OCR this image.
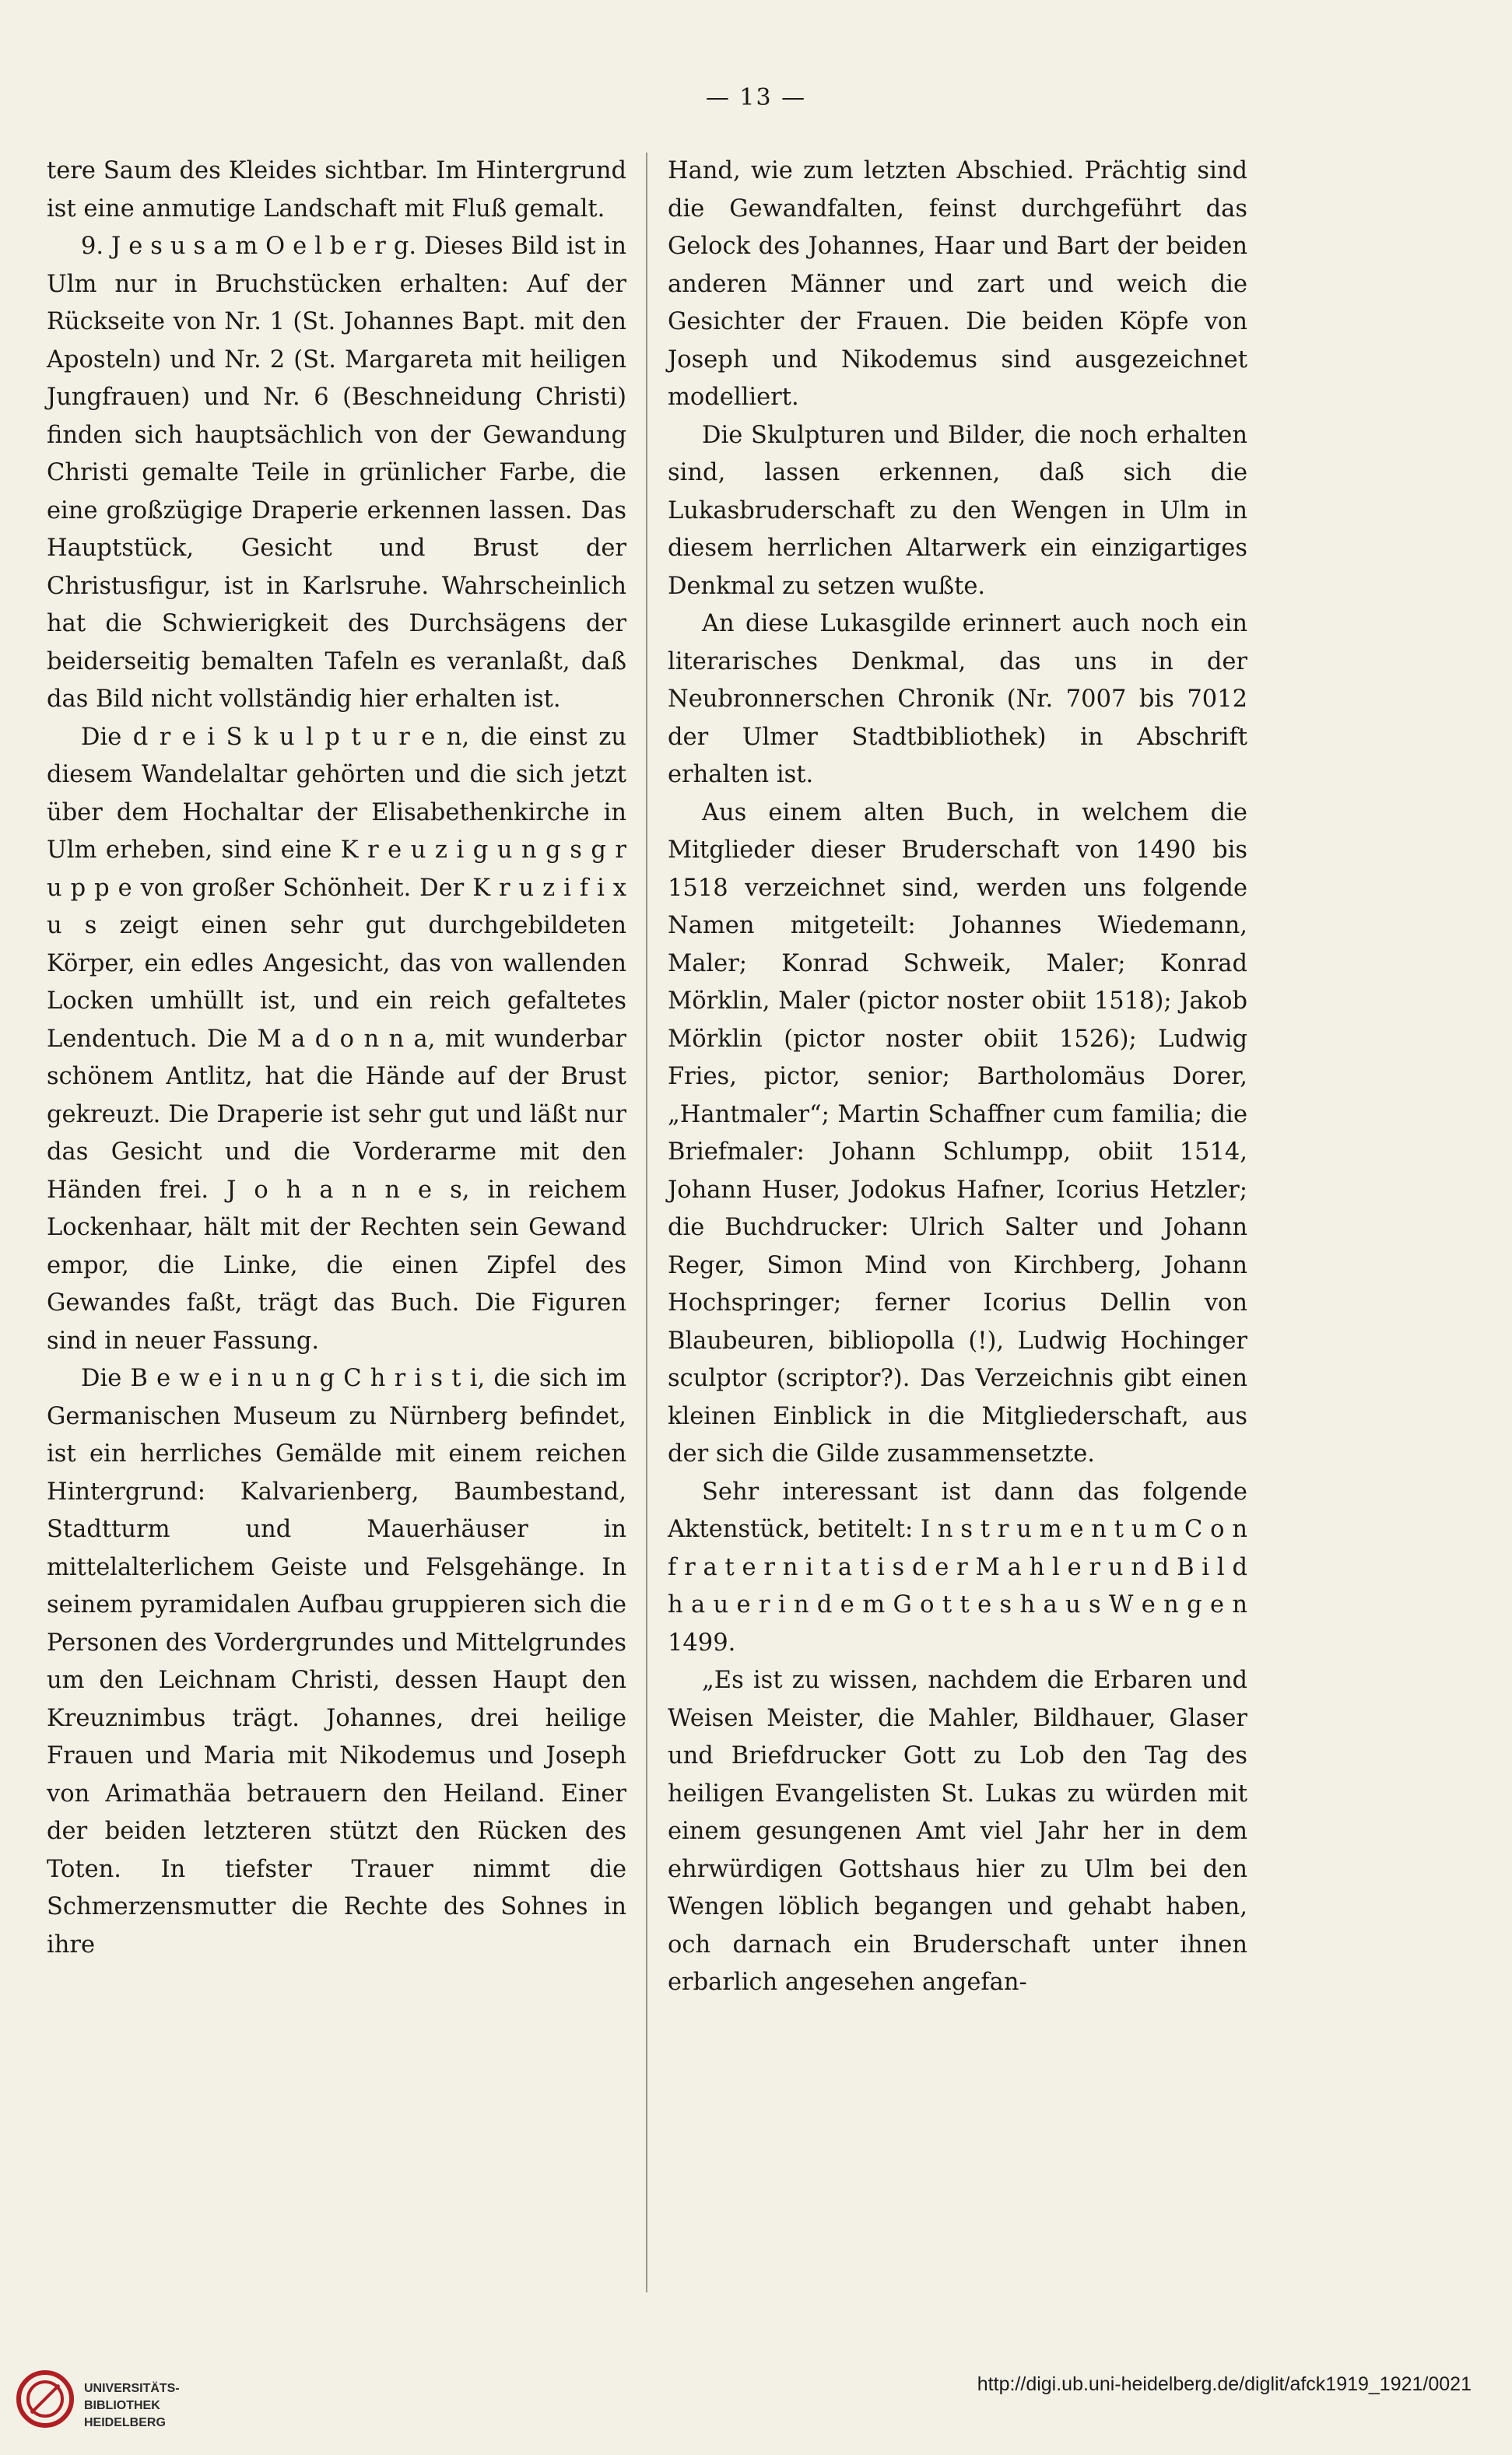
— 13 —

tere Saum des Kleides sichtbar. Im Hintergrund ist eine anmutige Landschaft mit Fluß gemalt.

9. J e s u s a m O e l b e r g. Dieses Bild ist in Ulm nur in Bruchstücken erhalten: Auf der Rückseite von Nr. 1 (St. Johannes Bapt. mit den Aposteln) und Nr. 2 (St. Margareta mit heiligen Jungfrauen) und Nr. 6 (Beschneidung Christi) finden sich hauptsächlich von der Gewandung Christi gemalte Teile in grünlicher Farbe, die eine großzügige Draperie erkennen lassen. Das Hauptstück, Gesicht und Brust der Christusfigur, ist in Karlsruhe. Wahrscheinlich hat die Schwierigkeit des Durchsägens der beiderseitig bemalten Tafeln es veranlaßt, daß das Bild nicht vollständig hier erhalten ist.

Die d r e i S k u l p t u r e n, die einst zu diesem Wandelaltar gehörten und die sich jetzt über dem Hochaltar der Elisabethenkirche in Ulm erheben, sind eine K r e u z i g u n g s g r u p p e von großer Schönheit. Der K r u z i f i x u s zeigt einen sehr gut durchgebildeten Körper, ein edles Angesicht, das von wallenden Locken umhüllt ist, und ein reich gefaltetes Lendentuch. Die M a d o n n a, mit wunderbar schönem Antlitz, hat die Hände auf der Brust gekreuzt. Die Draperie ist sehr gut und läßt nur das Gesicht und die Vorderarme mit den Händen frei. J o h a n n e s, in reichem Lockenhaar, hält mit der Rechten sein Gewand empor, die Linke, die einen Zipfel des Gewandes faßt, trägt das Buch. Die Figuren sind in neuer Fassung.

Die B e w e i n u n g C h r i s t i, die sich im Germanischen Museum zu Nürnberg befindet, ist ein herrliches Gemälde mit einem reichen Hintergrund: Kalvarienberg, Baumbestand, Stadtturm und Mauerhäuser in mittelalterlichem Geiste und Felsgehänge. In seinem pyramidalen Aufbau gruppieren sich die Personen des Vordergrundes und Mittelgrundes um den Leichnam Christi, dessen Haupt den Kreuznimbus trägt. Johannes, drei heilige Frauen und Maria mit Nikodemus und Joseph von Arimathäa betrauern den Heiland. Einer der beiden letzteren stützt den Rücken des Toten. In tiefster Trauer nimmt die Schmerzensmutter die Rechte des Sohnes in ihre

Hand, wie zum letzten Abschied. Prächtig sind die Gewandfalten, feinst durchgeführt das Gelock des Johannes, Haar und Bart der beiden anderen Männer und zart und weich die Gesichter der Frauen. Die beiden Köpfe von Joseph und Nikodemus sind ausgezeichnet modelliert.

Die Skulpturen und Bilder, die noch erhalten sind, lassen erkennen, daß sich die Lukasbruderschaft zu den Wengen in Ulm in diesem herrlichen Altarwerk ein einzigartiges Denkmal zu setzen wußte.

An diese Lukasgilde erinnert auch noch ein literarisches Denkmal, das uns in der Neubronnerschen Chronik (Nr. 7007 bis 7012 der Ulmer Stadtbibliothek) in Abschrift erhalten ist.

Aus einem alten Buch, in welchem die Mitglieder dieser Bruderschaft von 1490 bis 1518 verzeichnet sind, werden uns folgende Namen mitgeteilt: Johannes Wiedemann, Maler; Konrad Schweik, Maler; Konrad Mörklin, Maler (pictor noster obiit 1518); Jakob Mörklin (pictor noster obiit 1526); Ludwig Fries, pictor, senior; Bartholomäus Dorer, „Hantmaler“; Martin Schaffner cum familia; die Briefmaler: Johann Schlumpp, obiit 1514, Johann Huser, Jodokus Hafner, Icorius Hetzler; die Buchdrucker: Ulrich Salter und Johann Reger, Simon Mind von Kirchberg, Johann Hochspringer; ferner Icorius Dellin von Blaubeuren, bibliopolla (!), Ludwig Hochinger sculptor (scriptor?). Das Verzeichnis gibt einen kleinen Einblick in die Mitgliederschaft, aus der sich die Gilde zusammensetzte.

Sehr interessant ist dann das folgende Aktenstück, betitelt: I n s t r u m e n t u m C o n f r a t e r n i t a t i s d e r M a h l e r u n d B i l d h a u e r i n d e m G o t t e s h a u s W e n g e n 1499.

„Es ist zu wissen, nachdem die Erbaren und Weisen Meister, die Mahler, Bildhauer, Glaser und Briefdrucker Gott zu Lob den Tag des heiligen Evangelisten St. Lukas zu würden mit einem gesungenen Amt viel Jahr her in dem ehrwürdigen Gottshaus hier zu Ulm bei den Wengen löblich begangen und gehabt haben, och darnach ein Bruderschaft unter ihnen erbarlich angesehen angefan-

UNIVERSITÄTS-
BIBLIOTHEK
HEIDELBERG
http://digi.ub.uni-heidelberg.de/diglit/afck1919_1921/0021
